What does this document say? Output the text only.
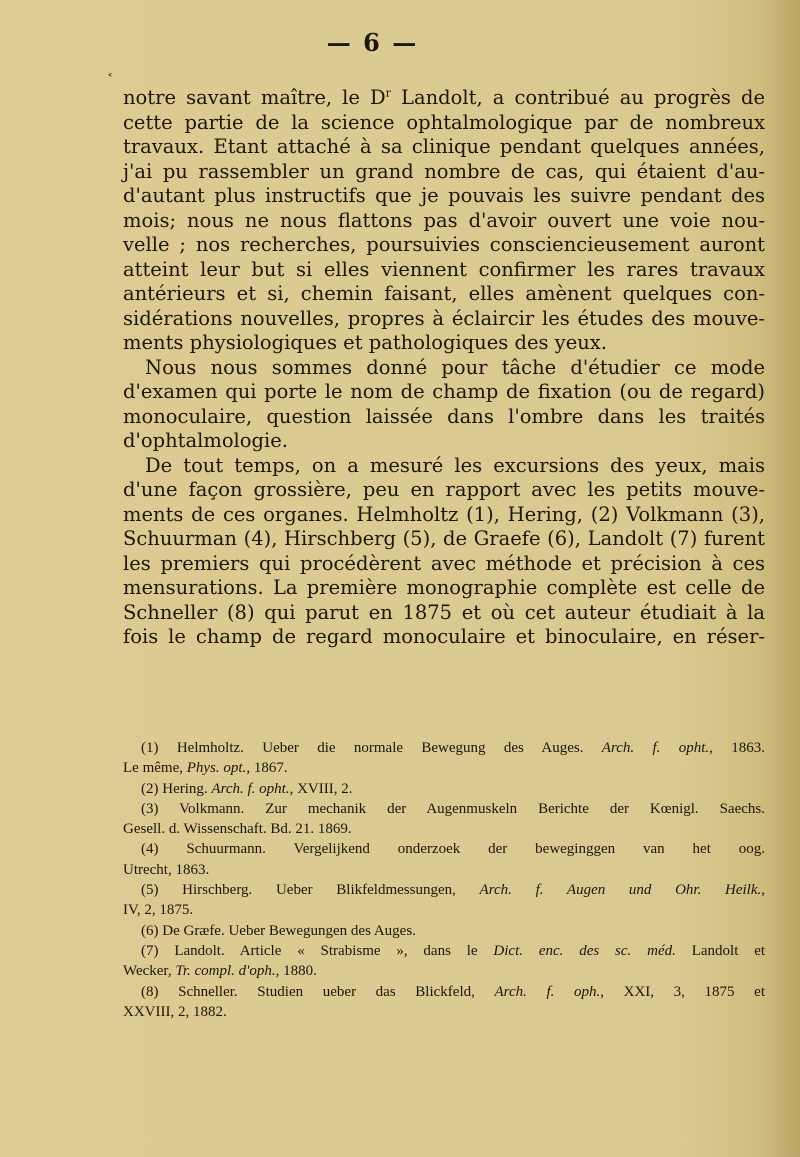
— 6 —
˂
notre savant maître, le $D^r$ Landolt, a contribué au progrès de
cette partie de la science ophtalmologique par de nombreux
travaux. Etant attaché à sa clinique pendant quelques années,
j'ai pu rassembler un grand nombre de cas, qui étaient d'au-
d'autant plus instructifs que je pouvais les suivre pendant des
mois; nous ne nous flattons pas d'avoir ouvert une voie nou-
velle ; nos recherches, poursuivies consciencieusement auront
atteint leur but si elles viennent confirmer les rares travaux
antérieurs et si, chemin faisant, elles amènent quelques con-
sidérations nouvelles, propres à éclaircir les études des mouve-
ments physiologiques et pathologiques des yeux.
Nous nous sommes donné pour tâche d'étudier ce mode
d'examen qui porte le nom de champ de fixation (ou de regard)
monoculaire, question laissée dans l'ombre dans les traités
d'ophtalmologie.
De tout temps, on a mesuré les excursions des yeux, mais
d'une façon grossière, peu en rapport avec les petits mouve-
ments de ces organes. Helmholtz (1), Hering, (2) Volkmann (3),
Schuurman (4), Hirschberg (5), de Graefe (6), Landolt (7) furent
les premiers qui procédèrent avec méthode et précision à ces
mensurations. La première monographie complète est celle de
Schneller (8) qui parut en 1875 et où cet auteur étudiait à la
fois le champ de regard monoculaire et binoculaire, en réser-
(1) Helmholtz. Ueber die normale Bewegung des Auges. Arch. f. opht., 1863.
Le même, Phys. opt., 1867.
(2) Hering. Arch. f. opht., XVIII, 2.
(3) Volkmann. Zur mechanik der Augenmuskeln Berichte der Kœnigl. Saechs.
Gesell. d. Wissenschaft. Bd. 21. 1869.
(4) Schuurmann. Vergelijkend onderzoek der beweginggen van het oog.
Utrecht, 1863.
(5) Hirschberg. Ueber Blikfeldmessungen, Arch. f. Augen und Ohr. Heilk.,
IV, 2, 1875.
(6) De Græfe. Ueber Bewegungen des Auges.
(7) Landolt. Article « Strabisme », dans le Dict. enc. des sc. méd. Landolt et
Wecker, Tr. compl. d'oph., 1880.
(8) Schneller. Studien ueber das Blickfeld, Arch. f. oph., XXI, 3, 1875 et
XXVIII, 2, 1882.
